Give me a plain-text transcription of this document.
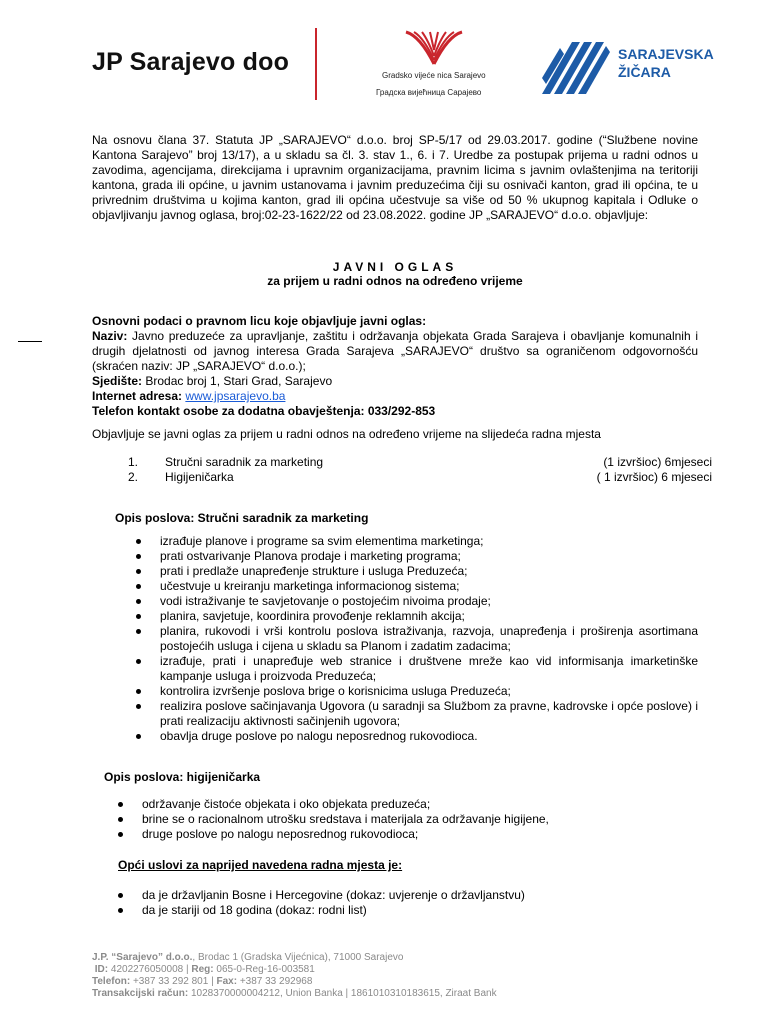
JP Sarajevo doo	Gradsko vijeće nica Sarajevo
Градска вијећница Сарајево
SARAJEVSKA
ŽIČARA
Na osnovu člana 37. Statuta JP „SARAJEVO“ d.o.o. broj SP-5/17 od 29.03.2017. godine (“Službene novine Kantona Sarajevo” broj 13/17), a u skladu sa čl. 3. stav 1., 6. i 7. Uredbe za postupak prijema u radni odnos u zavodima, agencijama, direkcijama i upravnim organizacijama, pravnim licima s javnim ovlaštenjima na teritoriji kantona, grada ili općine, u javnim ustanovama i javnim preduzećima čiji su osnivači kanton, grad ili općina, te u privrednim društvima u kojima kanton, grad ili općina učestvuje sa više od 50 % ukupnog kapitala i Odluke o objavljivanju javnog oglasa, broj:02-23-1622/22 od 23.08.2022. godine JP „SARAJEVO“ d.o.o. objavljuje:
JAVNI OGLAS
za prijem u radni odnos na određeno vrijeme
Osnovni podaci o pravnom licu koje objavljuje javni oglas:
Naziv: Javno preduzeće za upravljanje, zaštitu i održavanja objekata Grada Sarajeva i obavljanje komunalnih i drugih djelatnosti od javnog interesa Grada Sarajeva „SARAJEVO“ društvo sa ograničenom odgovornošću (skraćen naziv: JP „SARAJEVO“ d.o.o.);
Sjedište: Brodac broj 1, Stari Grad, Sarajevo
Internet adresa: www.jpsarajevo.ba
Telefon kontakt osobe za dodatna obavještenja: 033/292-853
Objavljuje se javni oglas za prijem u radni odnos na određeno vrijeme na slijedeća radna mjesta
1. Stručni saradnik za marketing	(1 izvršioc) 6mjeseci
2. Higijeničarka	( 1 izvršioc) 6 mjeseci
Opis poslova: Stručni saradnik za marketing
izrađuje planove i programe sa svim elementima marketinga;
prati ostvarivanje Planova prodaje i marketing programa;
prati i predlaže unapređenje strukture i usluga Preduzeća;
učestvuje u kreiranju marketinga informacionog sistema;
vodi istraživanje te savjetovanje o postojećim nivoima prodaje;
planira, savjetuje, koordinira provođenje reklamnih akcija;
planira, rukovodi i vrši kontrolu poslova istraživanja, razvoja, unapređenja i proširenja asortimana postojećih usluga i cijena u skladu sa Planom i zadatim zadacima;
izrađuje, prati i unapređuje web stranice i društvene mreže kao vid informisanja imarketinške kampanje usluga i proizvoda Preduzeća;
kontrolira izvršenje poslova brige o korisnicima usluga Preduzeća;
realizira poslove sačinjavanja Ugovora (u saradnji sa Službom za pravne, kadrovske i opće poslove) i prati realizaciju aktivnosti sačinjenih ugovora;
obavlja druge poslove po nalogu neposrednog rukovodioca.
Opis poslova: higijeničarka
održavanje čistoće objekata i oko objekata preduzeća;
brine se o racionalnom utrošku sredstava i materijala za održavanje higijene,
druge poslove po nalogu neposrednog rukovodioca;
Opći uslovi za naprijed navedena radna mjesta je:
da je državljanin Bosne i Hercegovine (dokaz: uvjerenje o državljanstvu)
da je stariji od 18 godina (dokaz: rodni list)
J.P. “Sarajevo” d.o.o., Brodac 1 (Gradska Vijećnica), 71000 Sarajevo
ID: 4202276050008 | Reg: 065-0-Reg-16-003581
Telefon: +387 33 292 801 | Fax: +387 33 292968
Transakcijski račun: 1028370000004212, Union Banka | 1861010310183615, Ziraat Bank
